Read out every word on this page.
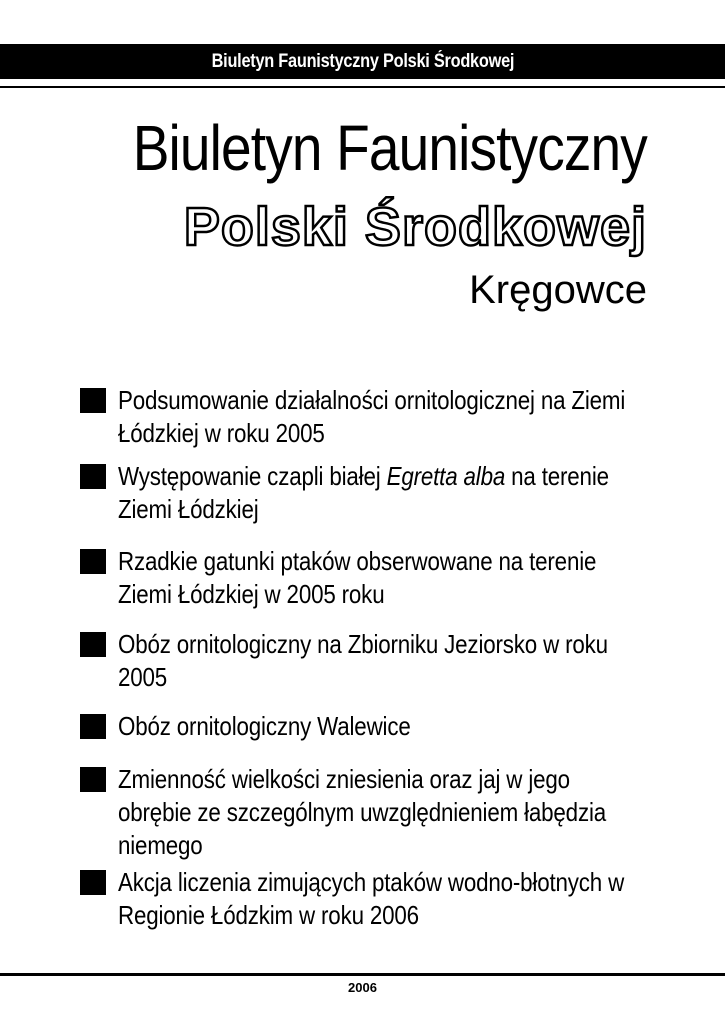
Biuletyn Faunistyczny Polski Środkowej
Biuletyn Faunistyczny
Polski Środkowej
Kręgowce
Podsumowanie działalności ornitologicznej na Ziemi Łódzkiej w roku 2005
Występowanie czapli białej Egretta alba na terenie Ziemi Łódzkiej
Rzadkie gatunki ptaków obserwowane na terenie Ziemi Łódzkiej w 2005 roku
Obóz ornitologiczny na Zbiorniku Jeziorsko w roku 2005
Obóz ornitologiczny Walewice
Zmienność wielkości zniesienia oraz jaj w jego obrębie ze szczególnym uwzględnieniem łabędzia niemego
Akcja liczenia zimujących ptaków wodno-błotnych w Regionie Łódzkim w roku 2006
2006
